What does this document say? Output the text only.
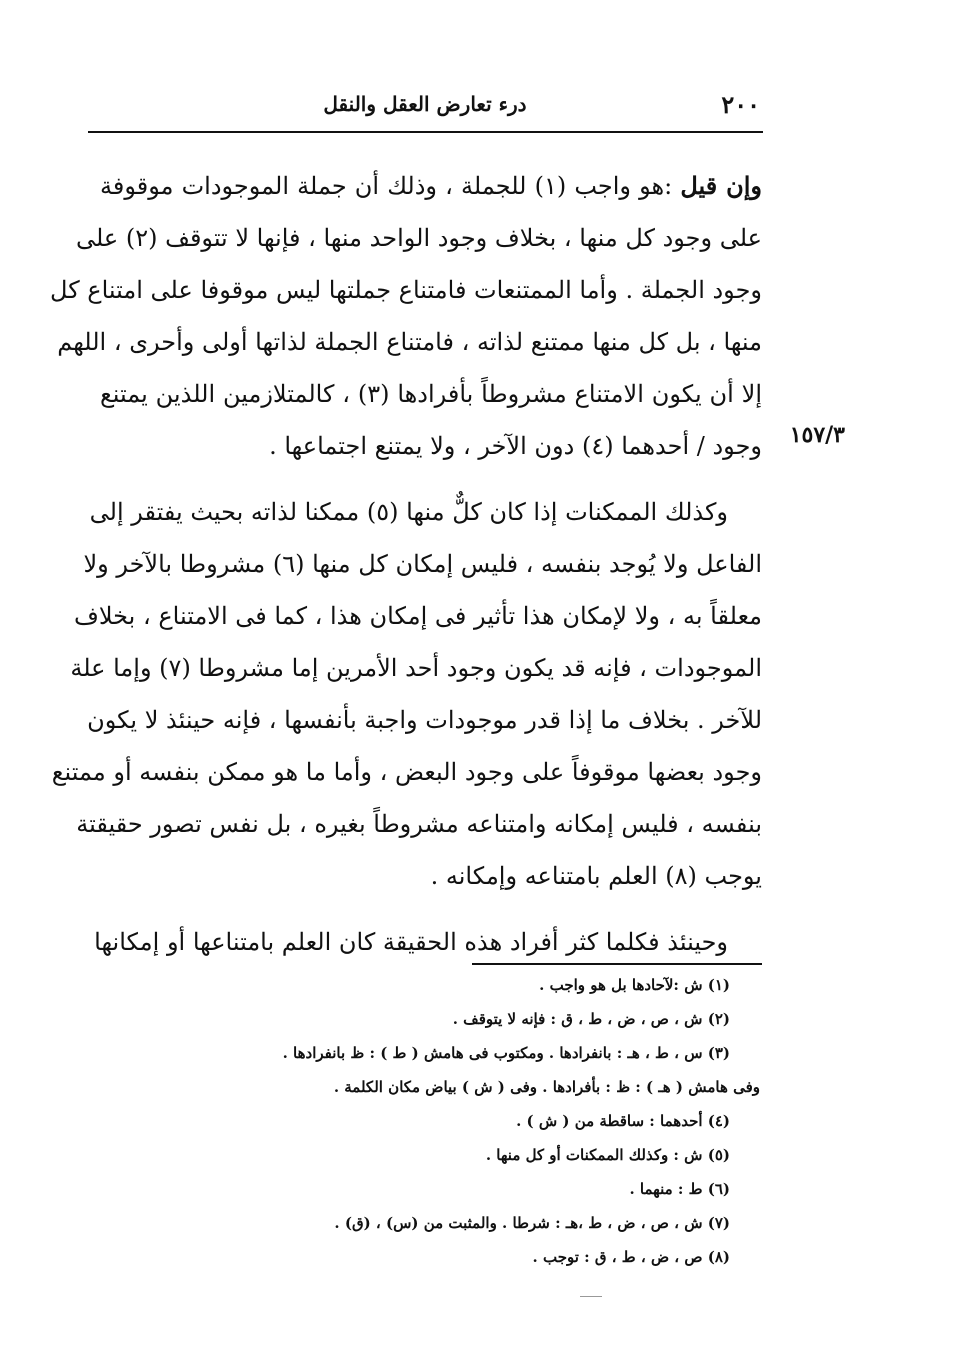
٢٠٠
درء تعارض العقل والنقل
١٥٧/٣
وإن قيل :هو واجب (١) للجملة ، وذلك أن جملة الموجودات موقوفة
على وجود كل منها ، بخلاف وجود الواحد منها ، فإنها لا تتوقف (٢) على
وجود الجملة . وأما الممتنعات فامتناع جملتها ليس موقوفا على امتناع كل
منها ، بل كل منها ممتنع لذاته ، فامتناع الجملة لذاتها أولى وأحرى ، اللهم
إلا أن يكون الامتناع مشروطاً بأفرادها (٣) ، كالمتلازمين اللذين يمتنع
وجود / أحدهما (٤) دون الآخر ، ولا يمتنع اجتماعها .
وكذلك الممكنات إذا كان كلٌّ منها (٥) ممكنا لذاته بحيث يفتقر إلى
الفاعل ولا يُوجد بنفسه ، فليس إمكان كل منها (٦) مشروطا بالآخر ولا
معلقاً به ، ولا لإمكان هذا تأثير فى إمكان هذا ، كما فى الامتناع ، بخلاف
الموجودات ، فإنه قد يكون وجود أحد الأمرين إما مشروطا (٧) وإما علة
للآخر . بخلاف ما إذا قدر موجودات واجبة بأنفسها ، فإنه حينئذ لا يكون
وجود بعضها موقوفاً على وجود البعض ، وأما ما هو ممكن بنفسه أو ممتنع
بنفسه ، فليس إمكانه وامتناعه مشروطاً بغيره ، بل نفس تصور حقيقتة
يوجب (٨) العلم بامتناعه وإمكانه .
وحينئذ فكلما كثر أفراد هذه الحقيقة كان العلم بامتناعها أو إمكانها
(١) ش :لآحادها بل هو واجب .
(٢) ش ، ص ، ض ، ط ، ق : فإنه لا يتوقف .
(٣) س ، ط ، هـ : بانفرادها . ومكتوب فى هامش ( ط ) : ظ بانفرادها .
وفى هامش ( هـ ) : ظ : بأفرادها . وفى ( ش ) بياض مكان الكلمة .
(٤) أحدهما : ساقطة من ( ش ) .
(٥) ش : وكذلك الممكنات أو كل منها .
(٦) ط : منهما .
(٧) ش ، ص ، ض ، ط ،هـ : شرطا . والمثبت من (س) ، (ق) .
(٨) ص ، ض ، ط ، ق : توجب .
